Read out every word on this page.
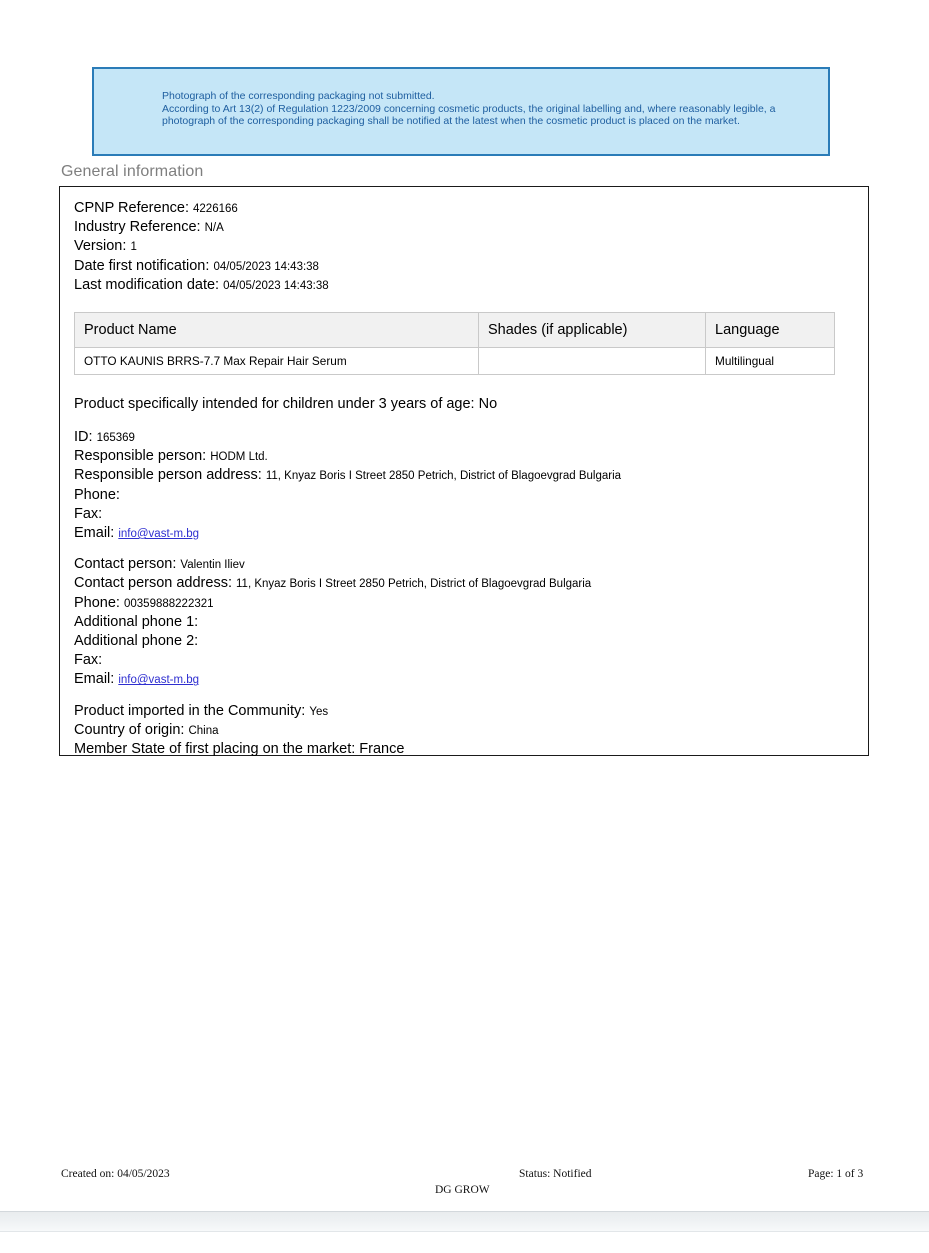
Photograph of the corresponding packaging not submitted.

According to Art 13(2) of Regulation 1223/2009 concerning cosmetic products, the original labelling and, where reasonably legible, a photograph of the corresponding packaging shall be notified at the latest when the cosmetic product is placed on the market.

General information
CPNP Reference: 4226166
Industry Reference: N/A
Version: 1
Date first notification: 04/05/2023 14:43:38
Last modification date: 04/05/2023 14:43:38
Product Name	Shades (if applicable)	Language
OTTO KAUNIS BRRS-7.7 Max Repair Hair Serum		Multilingual
Product specifically intended for children under 3 years of age: No
ID: 165369
Responsible person: HODM Ltd.
Responsible person address: 11, Knyaz Boris I Street 2850 Petrich, District of Blagoevgrad Bulgaria
Phone:
Fax:
Email: info@vast-m.bg
Contact person: Valentin Iliev
Contact person address: 11, Knyaz Boris I Street 2850 Petrich, District of Blagoevgrad Bulgaria
Phone: 00359888222321
Additional phone 1:
Additional phone 2:
Fax:
Email: info@vast-m.bg
Product imported in the Community: Yes
Country of origin: China
Member State of first placing on the market: France
Created on: 04/05/2023	Status: Notified	Page: 1 of 3
DG GROW
